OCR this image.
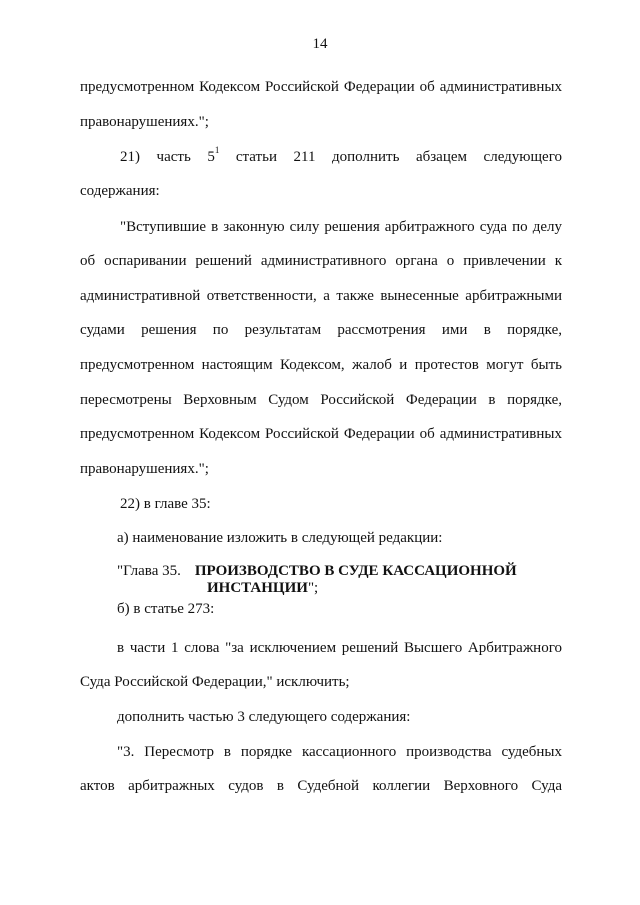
14
предусмотренном Кодексом Российской Федерации об административных
правонарушениях.";
21) часть $5^1$ статьи 211 дополнить абзацем следующего
содержания:
"Вступившие в законную силу решения арбитражного суда по делу
об оспаривании решений административного органа о привлечении к
административной ответственности, а также вынесенные арбитражными
судами решения по результатам рассмотрения ими в порядке,
предусмотренном настоящим Кодексом, жалоб и протестов могут быть
пересмотрены Верховным Судом Российской Федерации в порядке,
предусмотренном Кодексом Российской Федерации об административных
правонарушениях.";
22) в главе 35:
а) наименование изложить в следующей редакции:
"Глава 35. ПРОИЗВОДСТВО В СУДЕ КАССАЦИОННОЙ
ИНСТАНЦИИ";
б) в статье 273:
в части 1 слова "за исключением решений Высшего Арбитражного
Суда Российской Федерации," исключить;
дополнить частью 3 следующего содержания:
"3. Пересмотр в порядке кассационного производства судебных
актов арбитражных судов в Судебной коллегии Верховного Суда
